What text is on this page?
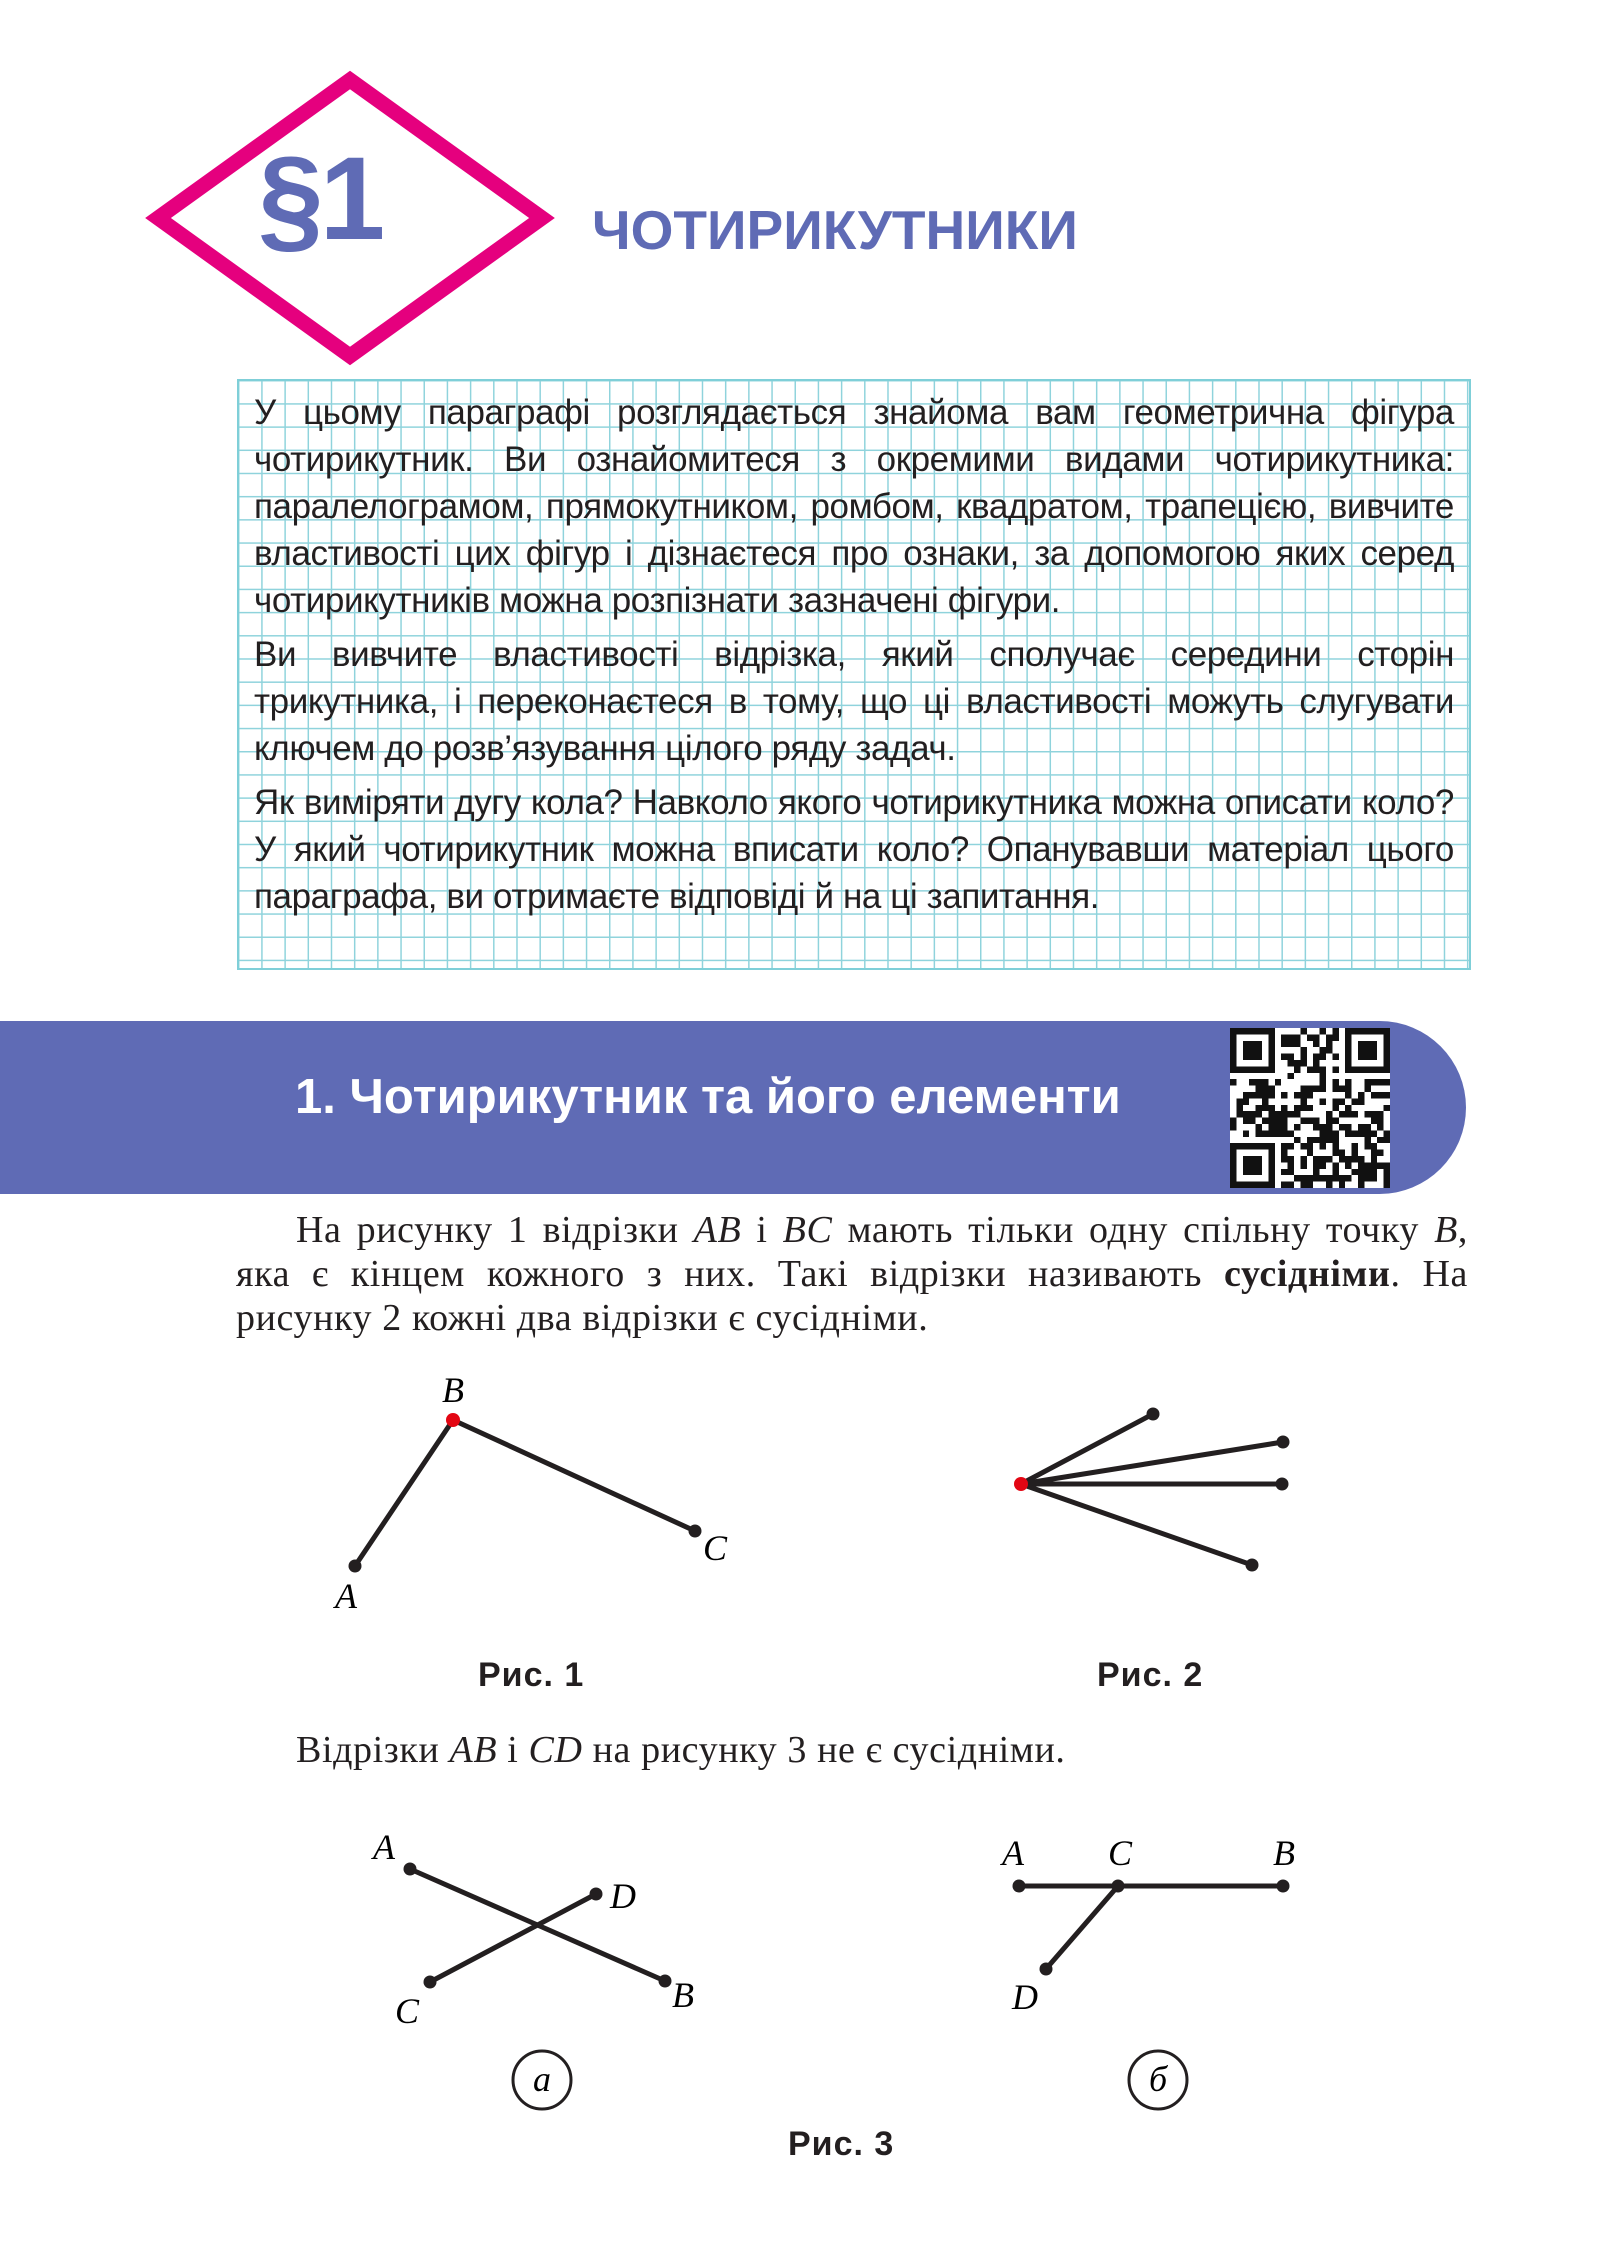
§1	ЧОТИРИКУТНИКИ

У цьому параграфі розглядається знайома вам геометрична фігура чотирикутник. Ви ознайомитеся з окремими видами чотирикутника: паралелограмом, прямокутником, ромбом, квадратом, трапецією, вивчите властивості цих фігур і дізнаєтеся про ознаки, за допомогою яких серед чотирикутників можна розпізнати зазначені фігури.

Ви вивчите властивості відрізка, який сполучає середини сторін трикутника, і переконаєтеся в тому, що ці властивості можуть слугувати ключем до розв’язування цілого ряду задач.

Як виміряти дугу кола? Навколо якого чотирикутника можна описати коло? У який чотирикутник можна вписати коло? Опанувавши матеріал цього параграфа, ви отримаєте відповіді й на ці запитання.

1. Чотирикутник та його елементи
На рисунку 1 відрізки AB і BC мають тільки одну спільну точку B, яка є кінцем кожного з них. Такі відрізки називають сусідніми. На рисунку 2 кожні два відрізки є сусідніми.
B
A
C
Рис. 1	Рис. 2
Відрізки AB і CD на рисунку 3 не є сусідніми.
A
B
C
D
а
A C	B
D
б
Рис. 3
